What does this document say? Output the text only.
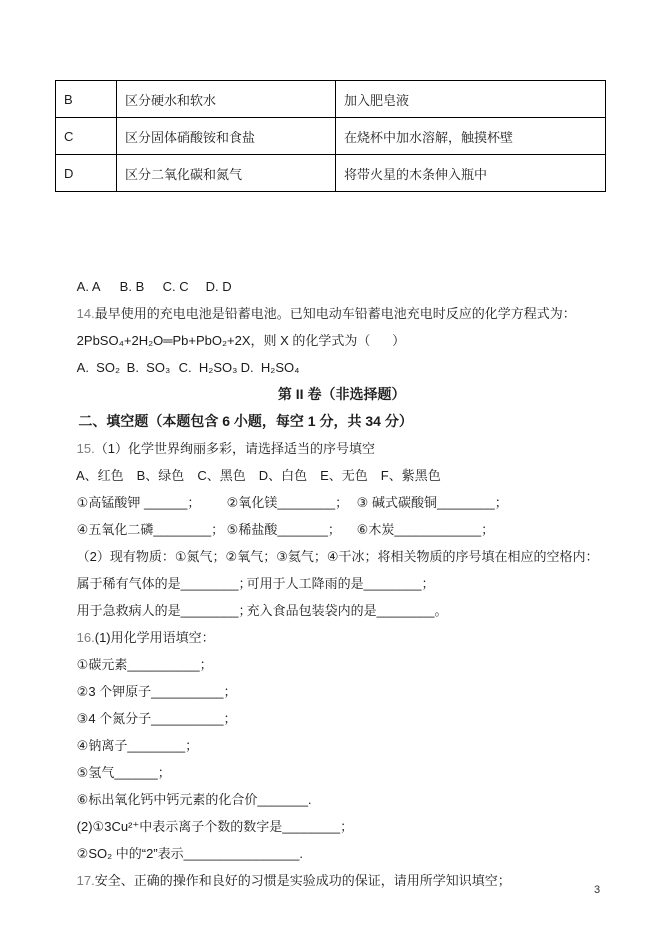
B	区分硬水和软水	加入肥皂液
C	区分固体硝酸铵和食盐	在烧杯中加水溶解，触摸杯壁
D	区分二氧化碳和氮气	将带火星的木条伸入瓶中

A. A B. B C. C D. D

14.最早使用的充电电池是铅蓄电池。已知电动车铅蓄电池充电时反应的化学方程式为：

2PbSO₄+2H₂O═Pb+PbO₂+2X，则 X 的化学式为（      ）

A.  SO₂ B.  SO₃ C.  H₂SO₃ D.  H₂SO₄

第 II 卷（非选择题）

二、填空题（本题包含 6 小题，每空 1 分，共 34 分）

15.（1）化学世界绚丽多彩，请选择适当的序号填空

A、红色 B、绿色 C、黑色 D、白色 E、无色 F、紫黑色

①高锰酸钾 ______； ②氧化镁________； ③ 碱式碳酸铜________；

④五氧化二磷________； ⑤稀盐酸_______； ⑥木炭____________；

（2）现有物质：①氮气；②氧气；③氦气；④干冰；将相关物质的序号填在相应的空格内：

属于稀有气体的是________；可用于人工降雨的是________；

用于急救病人的是________；充入食品包装袋内的是________。

16.(1)用化学用语填空：

①碳元素__________；

②3 个钾原子__________；

③4 个氮分子__________；

④钠离子________；

⑤氢气______；

⑥标出氧化钙中钙元素的化合价_______.

(2)①3Cu²⁺中表示离子个数的数字是________；

②SO₂ 中的“2”表示________________.

17.安全、正确的操作和良好的习惯是实验成功的保证，请用所学知识填空；

3
